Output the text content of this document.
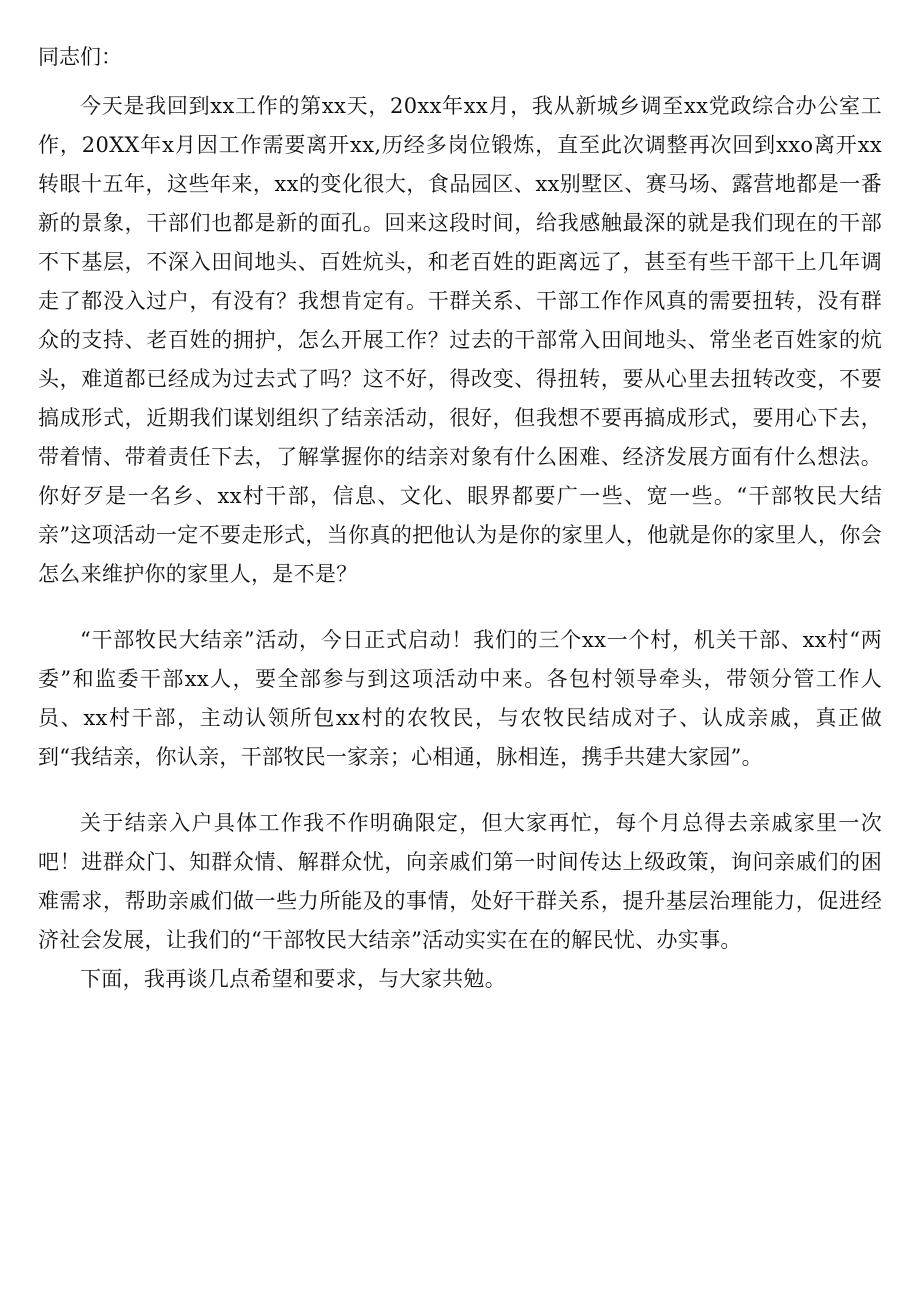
同志们：

今天是我回到xx工作的第xx天，20xx年xx月，我从新城乡调至xx党政综合办公室工作，20XX年x月因工作需要离开xx,历经多岗位锻炼，直至此次调整再次回到xxo离开xx转眼十五年，这些年来，xx的变化很大，食品园区、xx别墅区、赛马场、露营地都是一番新的景象，干部们也都是新的面孔。回来这段时间，给我感触最深的就是我们现在的干部不下基层，不深入田间地头、百姓炕头，和老百姓的距离远了，甚至有些干部干上几年调走了都没入过户，有没有？我想肯定有。干群关系、干部工作作风真的需要扭转，没有群众的支持、老百姓的拥护，怎么开展工作？过去的干部常入田间地头、常坐老百姓家的炕头，难道都已经成为过去式了吗？这不好，得改变、得扭转，要从心里去扭转改变，不要搞成形式，近期我们谋划组织了结亲活动，很好，但我想不要再搞成形式，要用心下去，带着情、带着责任下去，了解掌握你的结亲对象有什么困难、经济发展方面有什么想法。你好歹是一名乡、xx村干部，信息、文化、眼界都要广一些、宽一些。“干部牧民大结亲”这项活动一定不要走形式，当你真的把他认为是你的家里人，他就是你的家里人，你会怎么来维护你的家里人，是不是？

“干部牧民大结亲”活动，今日正式启动！我们的三个xx一个村，机关干部、xx村“两委”和监委干部xx人，要全部参与到这项活动中来。各包村领导牵头，带领分管工作人员、xx村干部，主动认领所包xx村的农牧民，与农牧民结成对子、认成亲戚，真正做到“我结亲，你认亲，干部牧民一家亲；心相通，脉相连，携手共建大家园”。

关于结亲入户具体工作我不作明确限定，但大家再忙，每个月总得去亲戚家里一次吧！进群众门、知群众情、解群众忧，向亲戚们第一时间传达上级政策，询问亲戚们的困难需求，帮助亲戚们做一些力所能及的事情，处好干群关系，提升基层治理能力，促进经济社会发展，让我们的“干部牧民大结亲”活动实实在在的解民忧、办实事。

下面，我再谈几点希望和要求，与大家共勉。
